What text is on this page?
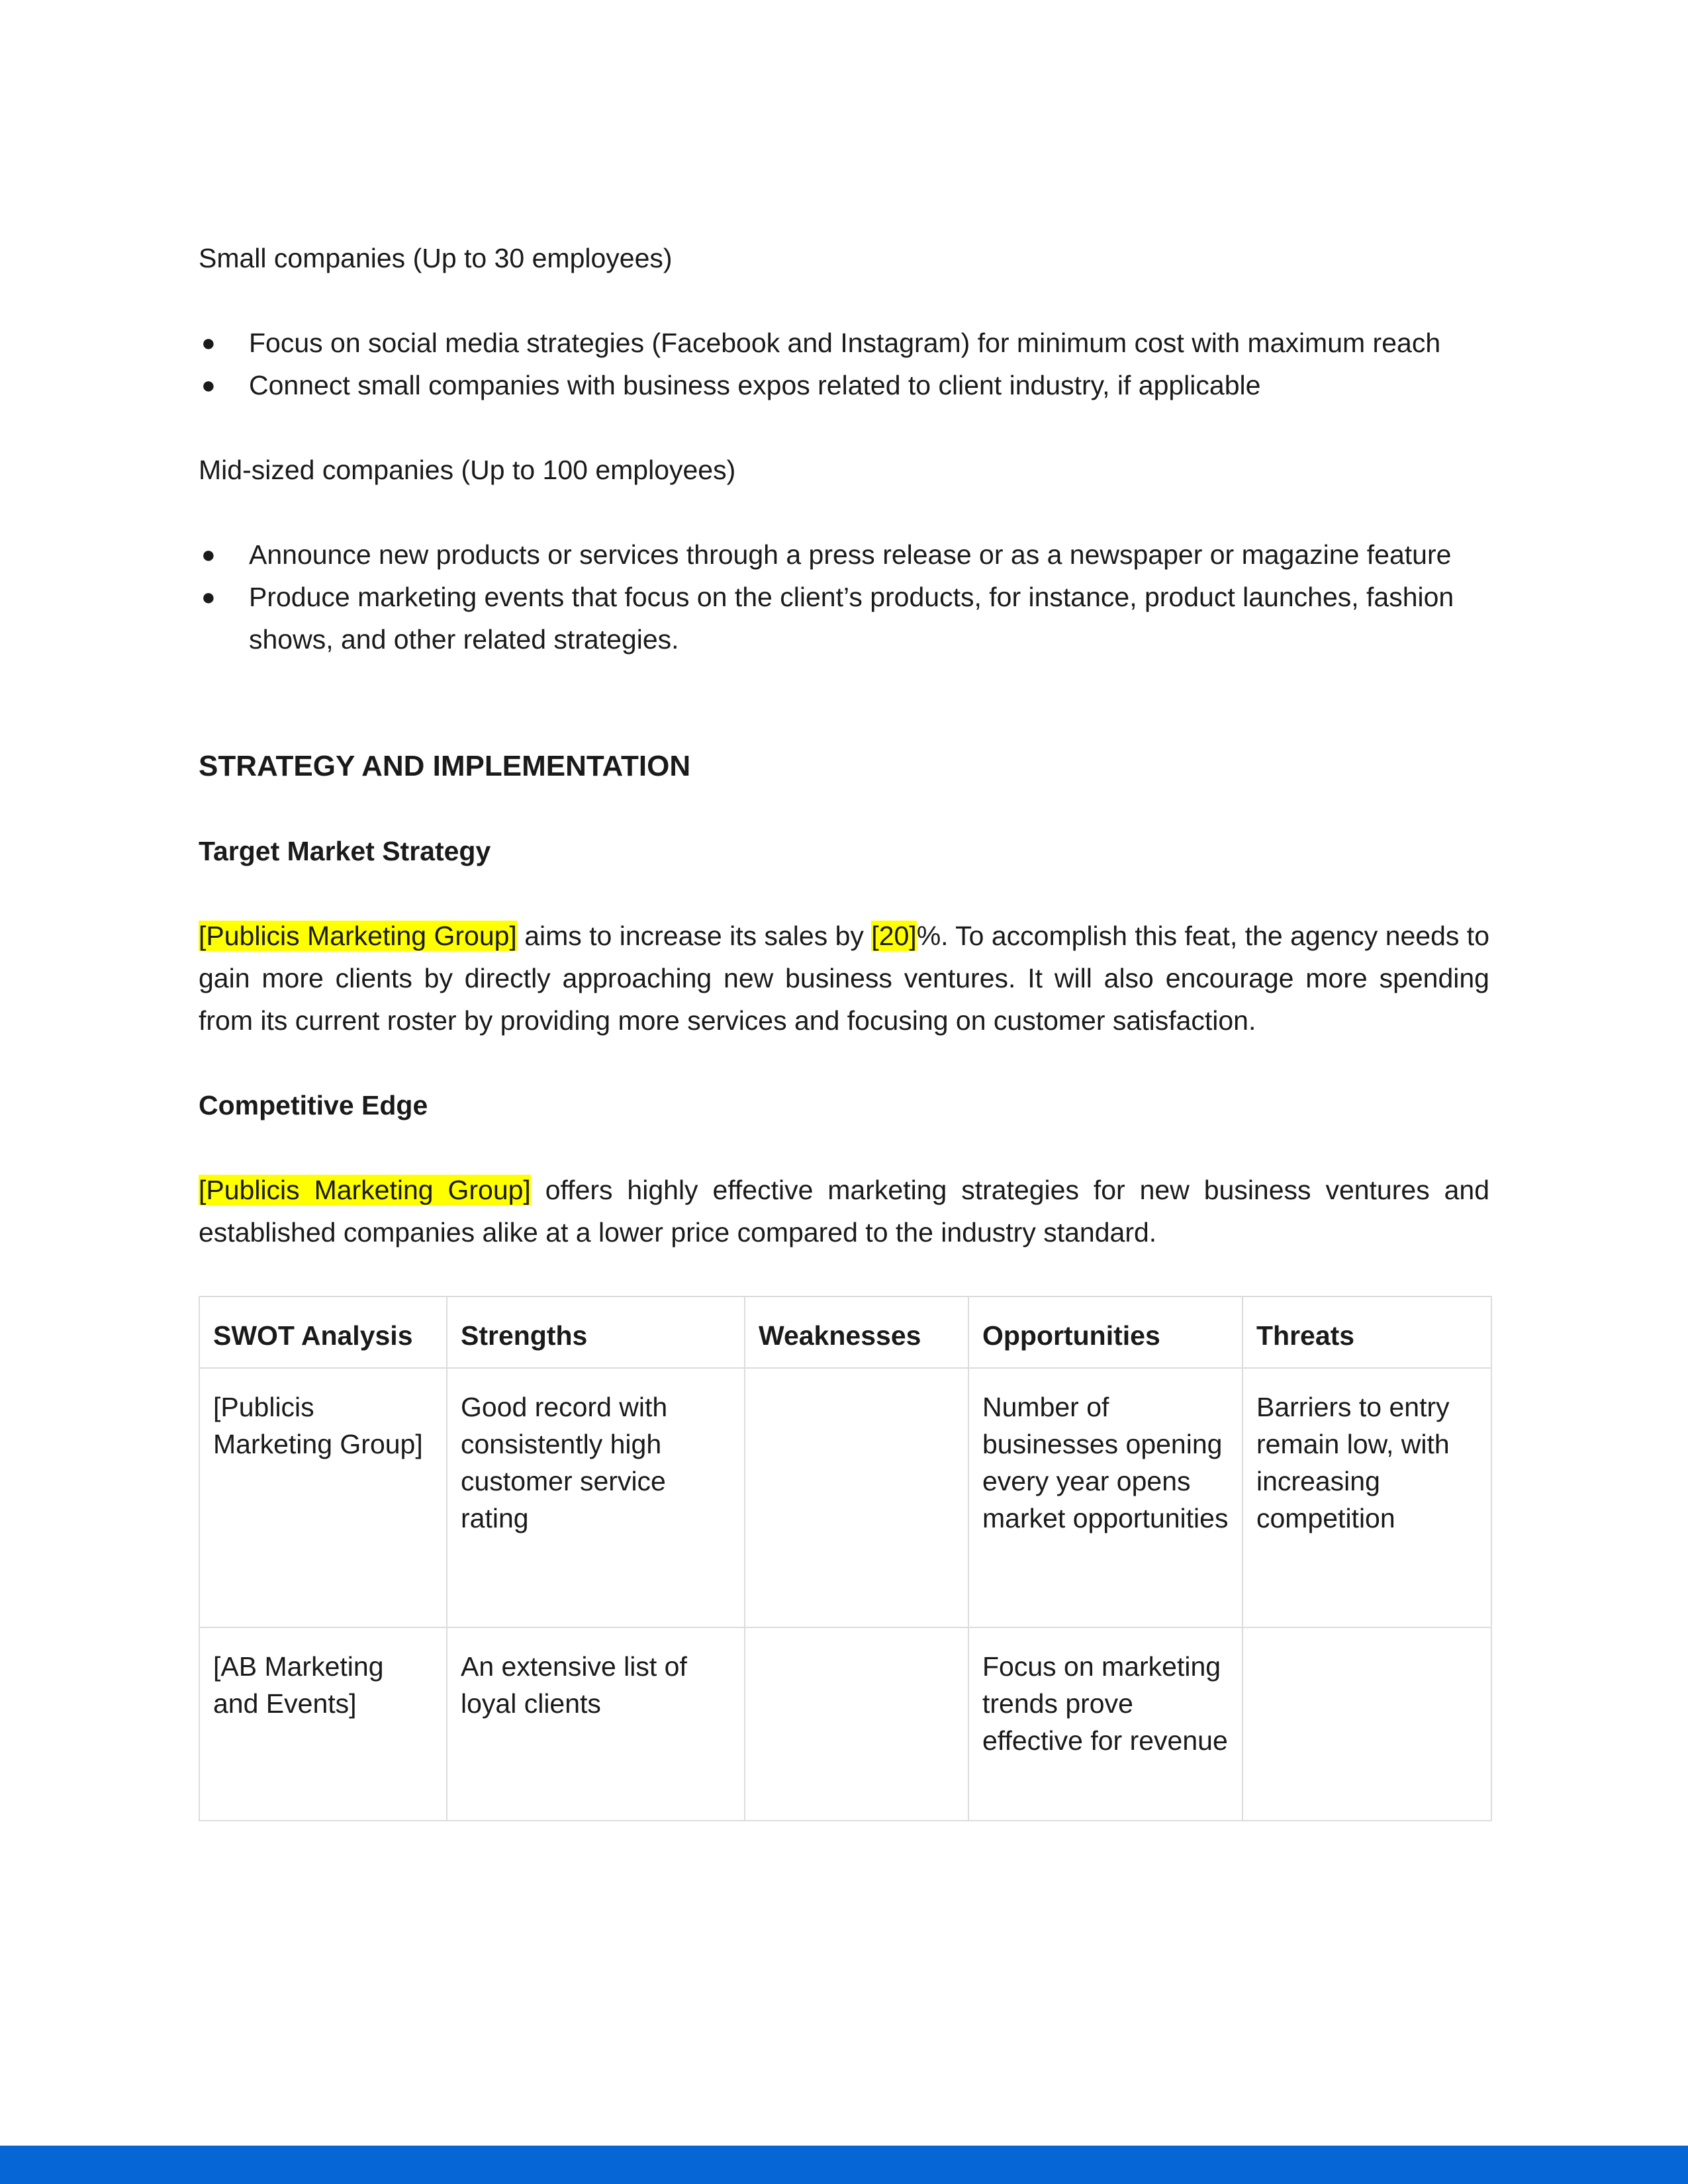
Small companies (Up to 30 employees)

● Focus on social media strategies (Facebook and Instagram) for minimum cost with maximum reach
● Connect small companies with business expos related to client industry, if applicable

Mid-sized companies (Up to 100 employees)

● Announce new products or services through a press release or as a newspaper or magazine feature
● Produce marketing events that focus on the client’s products, for instance, product launches, fashion shows, and other related strategies.

STRATEGY AND IMPLEMENTATION

Target Market Strategy

[Publicis Marketing Group] aims to increase its sales by [20]%. To accomplish this feat, the agency needs to gain more clients by directly approaching new business ventures. It will also encourage more spending from its current roster by providing more services and focusing on customer satisfaction.

Competitive Edge

[Publicis Marketing Group] offers highly effective marketing strategies for new business ventures and established companies alike at a lower price compared to the industry standard.

SWOT Analysis	Strengths	Weaknesses	Opportunities	Threats
[Publicis Marketing Group]	Good record with consistently high customer service rating		Number of businesses opening every year opens market opportunities	Barriers to entry remain low, with increasing competition
[AB Marketing and Events]	An extensive list of loyal clients		Focus on marketing trends prove effective for revenue	
